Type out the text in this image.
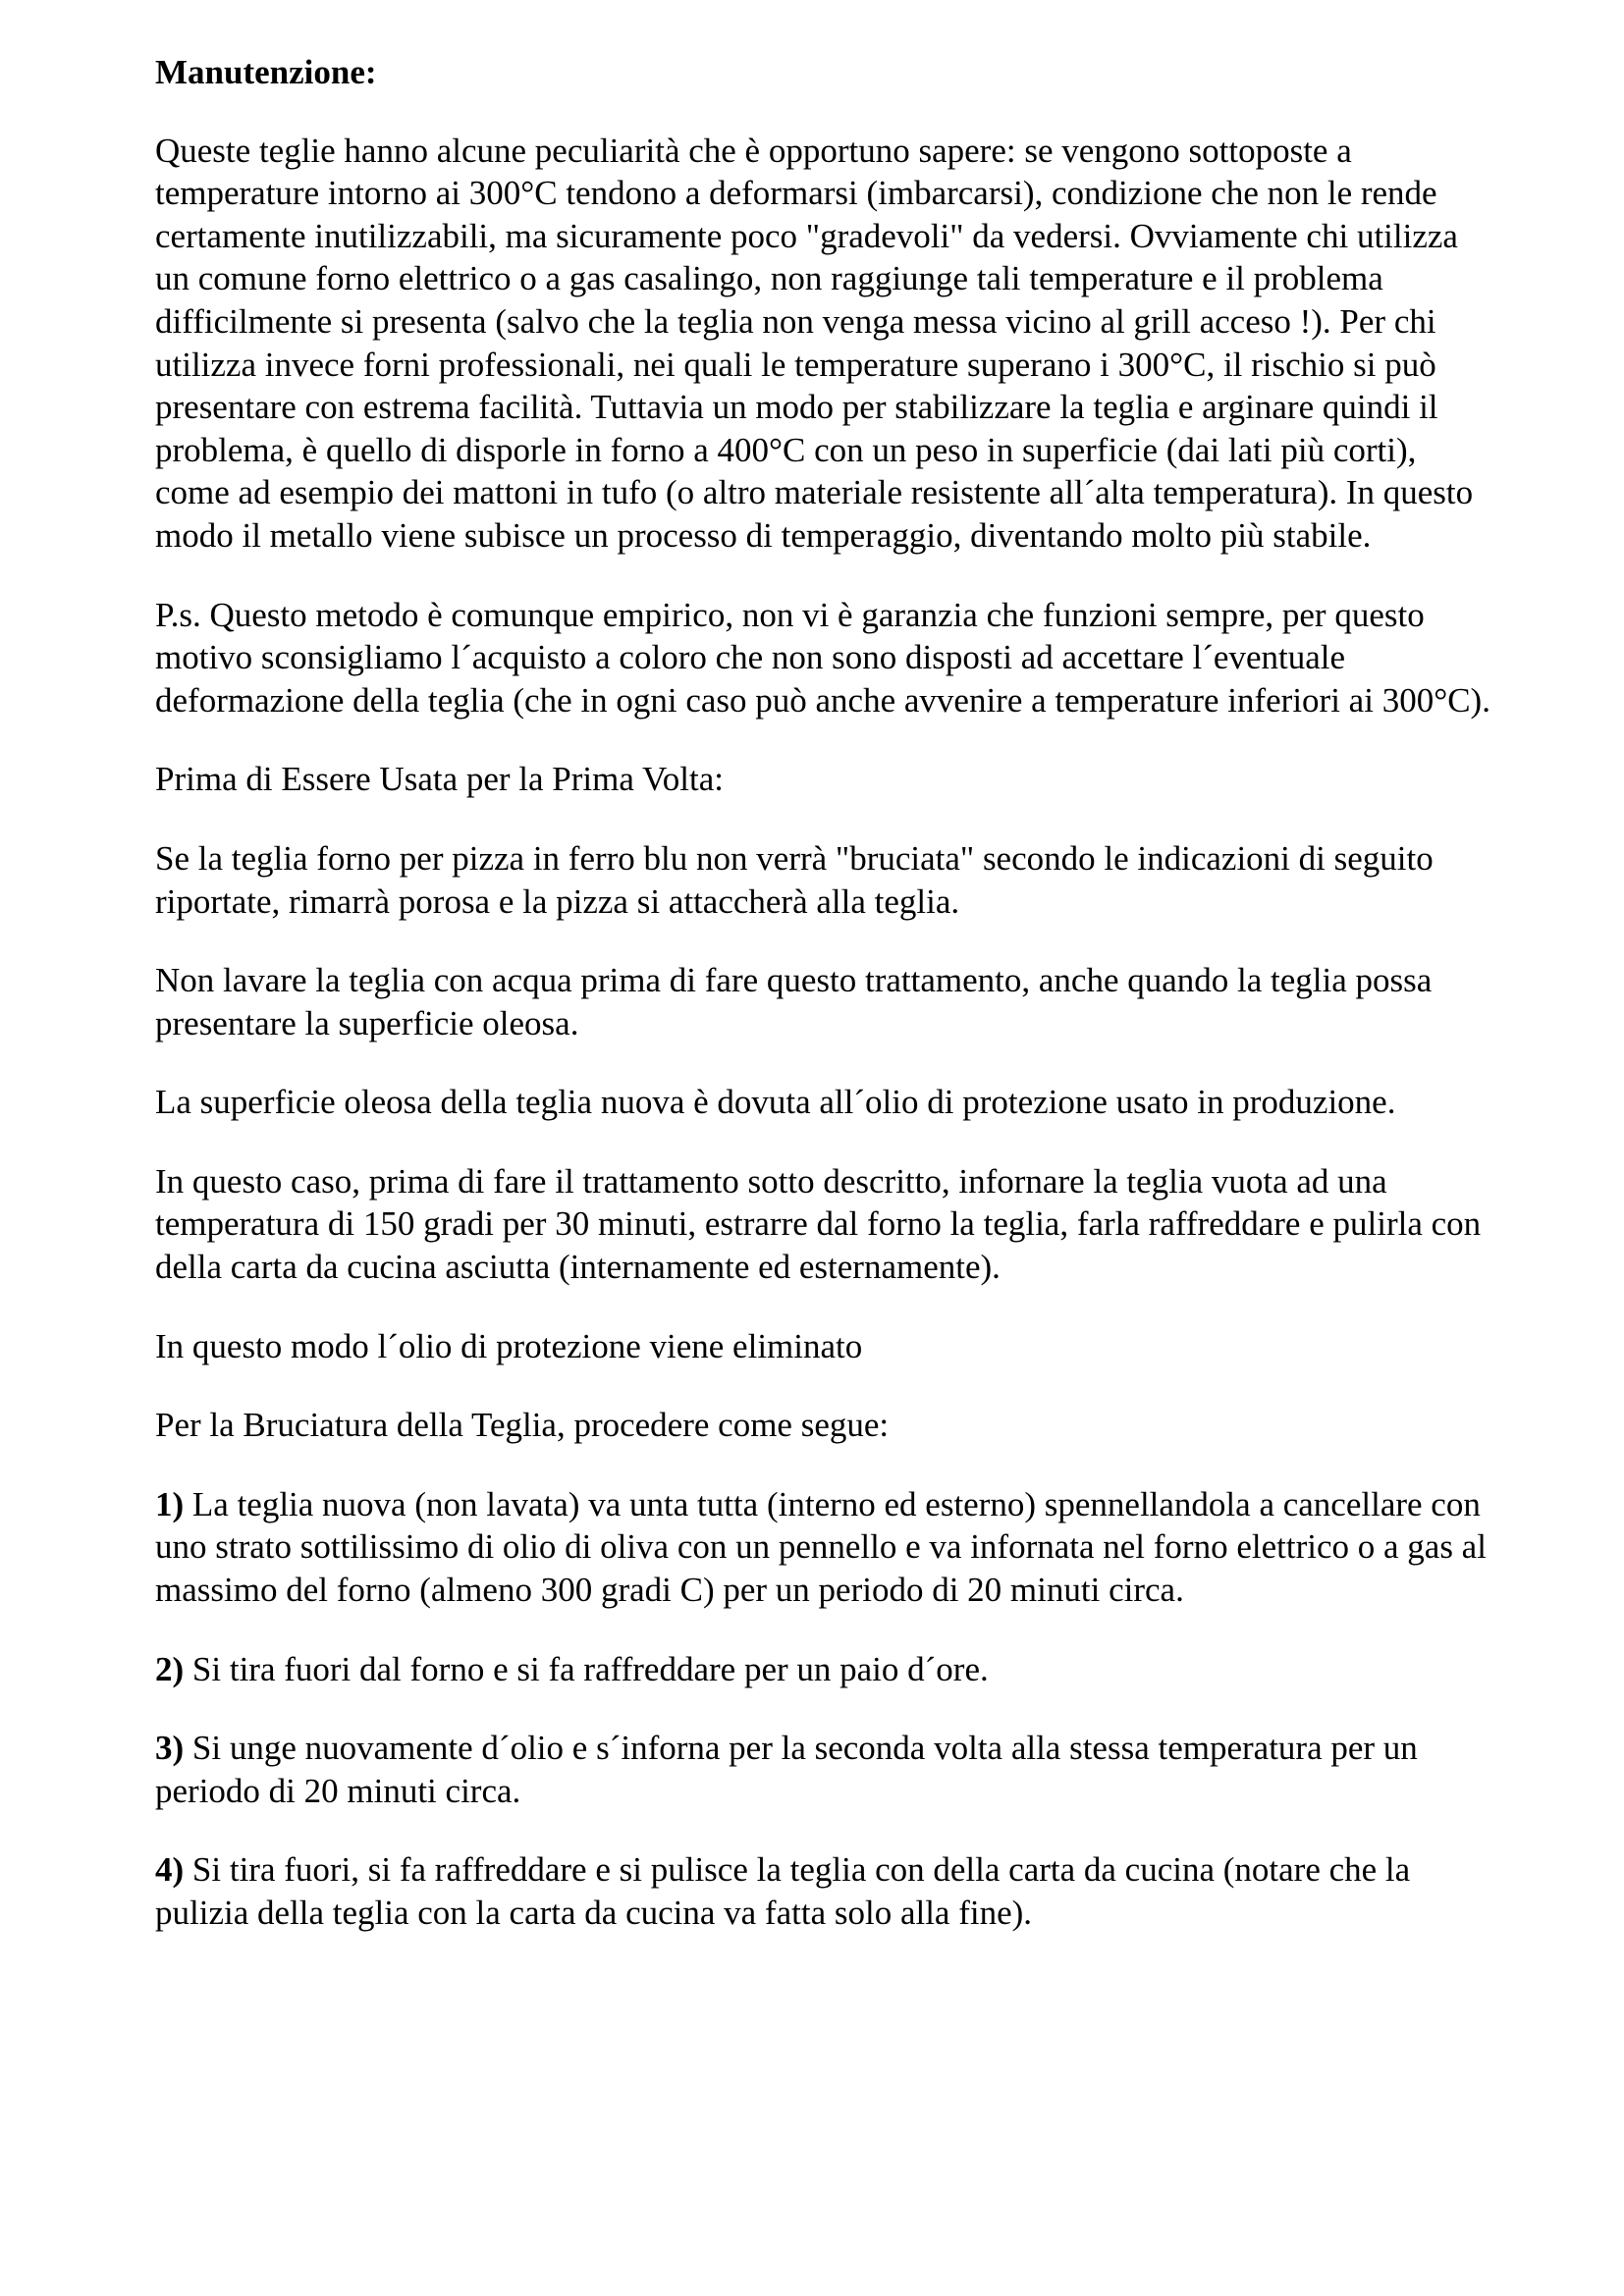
Manutenzione:

Queste teglie hanno alcune peculiarità che è opportuno sapere: se vengono sottoposte a temperature intorno ai 300°C tendono a deformarsi (imbarcarsi), condizione che non le rende certamente inutilizzabili, ma sicuramente poco "gradevoli" da vedersi. Ovviamente chi utilizza un comune forno elettrico o a gas casalingo, non raggiunge tali temperature e il problema difficilmente si presenta (salvo che la teglia non venga messa vicino al grill acceso !). Per chi utilizza invece forni professionali, nei quali le temperature superano i 300°C, il rischio si può presentare con estrema facilità. Tuttavia un modo per stabilizzare la teglia e arginare quindi il problema, è quello di disporle in forno a 400°C con un peso in superficie (dai lati più corti), come ad esempio dei mattoni in tufo (o altro materiale resistente all´alta temperatura). In questo modo il metallo viene subisce un processo di temperaggio, diventando molto più stabile.

P.s. Questo metodo è comunque empirico, non vi è garanzia che funzioni sempre, per questo motivo sconsigliamo l´acquisto a coloro che non sono disposti ad accettare l´eventuale deformazione della teglia (che in ogni caso può anche avvenire a temperature inferiori ai 300°C).

Prima di Essere Usata per la Prima Volta:

Se la teglia forno per pizza in ferro blu non verrà "bruciata" secondo le indicazioni di seguito riportate, rimarrà porosa e la pizza si attaccherà alla teglia.

Non lavare la teglia con acqua prima di fare questo trattamento, anche quando la teglia possa presentare la superficie oleosa.

La superficie oleosa della teglia nuova è dovuta all´olio di protezione usato in produzione.

In questo caso, prima di fare il trattamento sotto descritto, infornare la teglia vuota ad una temperatura di 150 gradi per 30 minuti, estrarre dal forno la teglia, farla raffreddare e pulirla con della carta da cucina asciutta (internamente ed esternamente).

In questo modo l´olio di protezione viene eliminato

Per la Bruciatura della Teglia, procedere come segue:

1) La teglia nuova (non lavata) va unta tutta (interno ed esterno) spennellandola a cancellare con uno strato sottilissimo di olio di oliva con un pennello e va infornata nel forno elettrico o a gas al massimo del forno (almeno 300 gradi C) per un periodo di 20 minuti circa.

2) Si tira fuori dal forno e si fa raffreddare per un paio d´ore.

3) Si unge nuovamente d´olio e s´inforna per la seconda volta alla stessa temperatura per un periodo di 20 minuti circa.

4) Si tira fuori, si fa raffreddare e si pulisce la teglia con della carta da cucina (notare che la pulizia della teglia con la carta da cucina va fatta solo alla fine).
